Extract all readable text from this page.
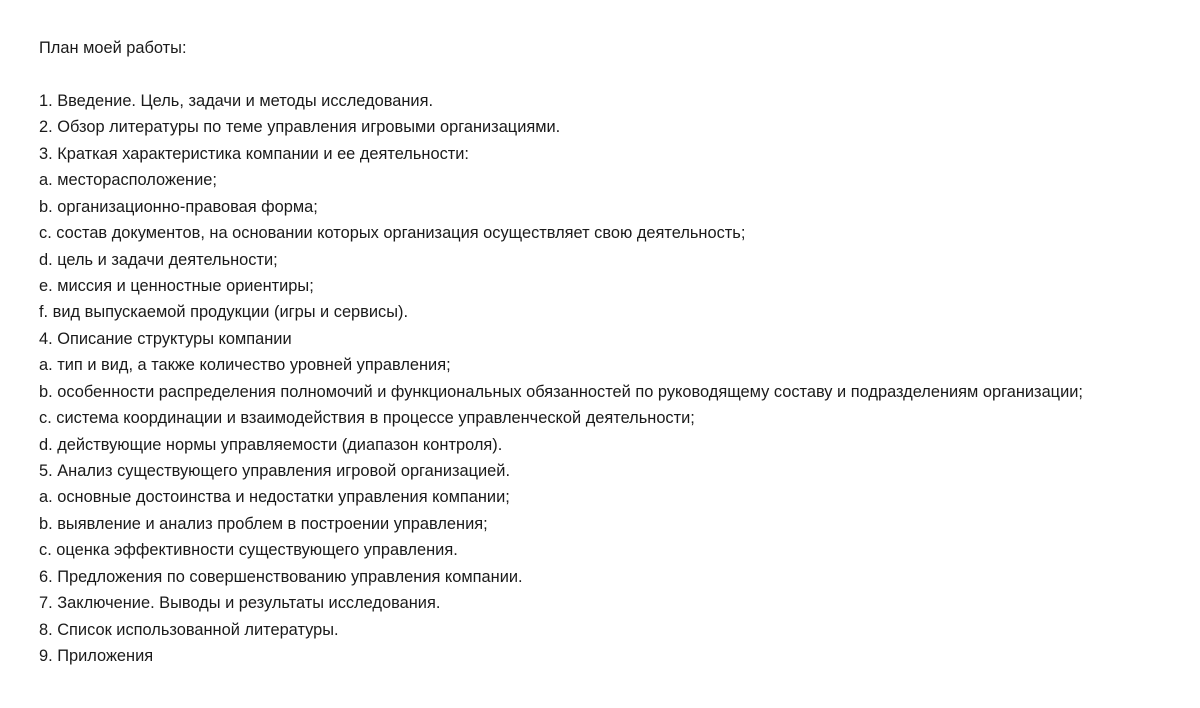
План моей работы:
1. Введение. Цель, задачи и методы исследования.
2. Обзор литературы по теме управления игровыми организациями.
3. Краткая характеристика компании и ее деятельности:
a. месторасположение;
b. организационно-правовая форма;
c. состав документов, на основании которых организация осуществляет свою деятельность;
d. цель и задачи деятельности;
e. миссия и ценностные ориентиры;
f. вид выпускаемой продукции (игры и сервисы).
4. Описание структуры компании
a. тип и вид, а также количество уровней управления;
b. особенности распределения полномочий и функциональных обязанностей по руководящему составу и подразделениям организации;
c. система координации и взаимодействия в процессе управленческой деятельности;
d. действующие нормы управляемости (диапазон контроля).
5. Анализ существующего управления игровой организацией.
a. основные достоинства и недостатки управления компании;
b. выявление и анализ проблем в построении управления;
c. оценка эффективности существующего управления.
6. Предложения по совершенствованию управления компании.
7. Заключение. Выводы и результаты исследования.
8. Список использованной литературы.
9. Приложения
